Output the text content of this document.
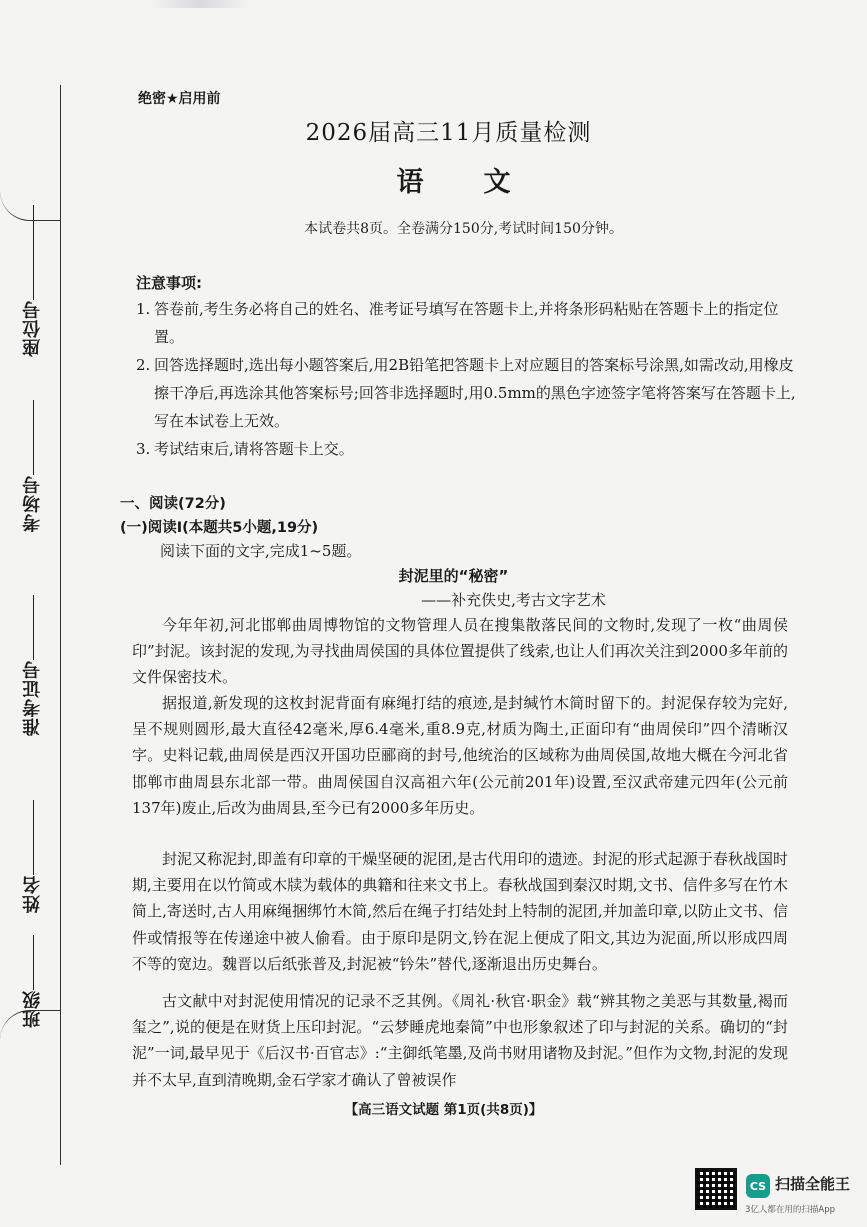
座位号
考场号
准考证号
姓名
班级
绝密★启用前
2026届高三11月质量检测
语文
本试卷共8页。全卷满分150分,考试时间150分钟。
注意事项:
1. 答卷前,考生务必将自己的姓名、准考证号填写在答题卡上,并将条形码粘贴在答题卡上的指定位置。
2. 回答选择题时,选出每小题答案后,用2B铅笔把答题卡上对应题目的答案标号涂黑,如需改动,用橡皮擦干净后,再选涂其他答案标号;回答非选择题时,用0.5mm的黑色字迹签字笔将答案写在答题卡上,写在本试卷上无效。
3. 考试结束后,请将答题卡上交。
一、阅读(72分)
(一)阅读Ⅰ(本题共5小题,19分)
阅读下面的文字,完成1~5题。
封泥里的“秘密”
——补充佚史,考古文字艺术
今年年初,河北邯郸曲周博物馆的文物管理人员在搜集散落民间的文物时,发现了一枚“曲周侯印”封泥。该封泥的发现,为寻找曲周侯国的具体位置提供了线索,也让人们再次关注到2000多年前的文件保密技术。
据报道,新发现的这枚封泥背面有麻绳打结的痕迹,是封缄竹木简时留下的。封泥保存较为完好,呈不规则圆形,最大直径42毫米,厚6.4毫米,重8.9克,材质为陶土,正面印有“曲周侯印”四个清晰汉字。史料记载,曲周侯是西汉开国功臣郦商的封号,他统治的区域称为曲周侯国,故地大概在今河北省邯郸市曲周县东北部一带。曲周侯国自汉高祖六年(公元前201年)设置,至汉武帝建元四年(公元前137年)废止,后改为曲周县,至今已有2000多年历史。
封泥又称泥封,即盖有印章的干燥坚硬的泥团,是古代用印的遗迹。封泥的形式起源于春秋战国时期,主要用在以竹简或木牍为载体的典籍和往来文书上。春秋战国到秦汉时期,文书、信件多写在竹木简上,寄送时,古人用麻绳捆绑竹木简,然后在绳子打结处封上特制的泥团,并加盖印章,以防止文书、信件或情报等在传递途中被人偷看。由于原印是阴文,钤在泥上便成了阳文,其边为泥面,所以形成四周不等的宽边。魏晋以后纸张普及,封泥被“钤朱”替代,逐渐退出历史舞台。
古文献中对封泥使用情况的记录不乏其例。《周礼·秋官·职金》载“辨其物之美恶与其数量,褐而玺之”,说的便是在财货上压印封泥。“云梦睡虎地秦简”中也形象叙述了印与封泥的关系。确切的“封泥”一词,最早见于《后汉书·百官志》:“主御纸笔墨,及尚书财用诸物及封泥。”但作为文物,封泥的发现并不太早,直到清晚期,金石学家才确认了曾被误作
【高三语文试题 第1页(共8页)】
CS 扫描全能王
3亿人都在用的扫描App
